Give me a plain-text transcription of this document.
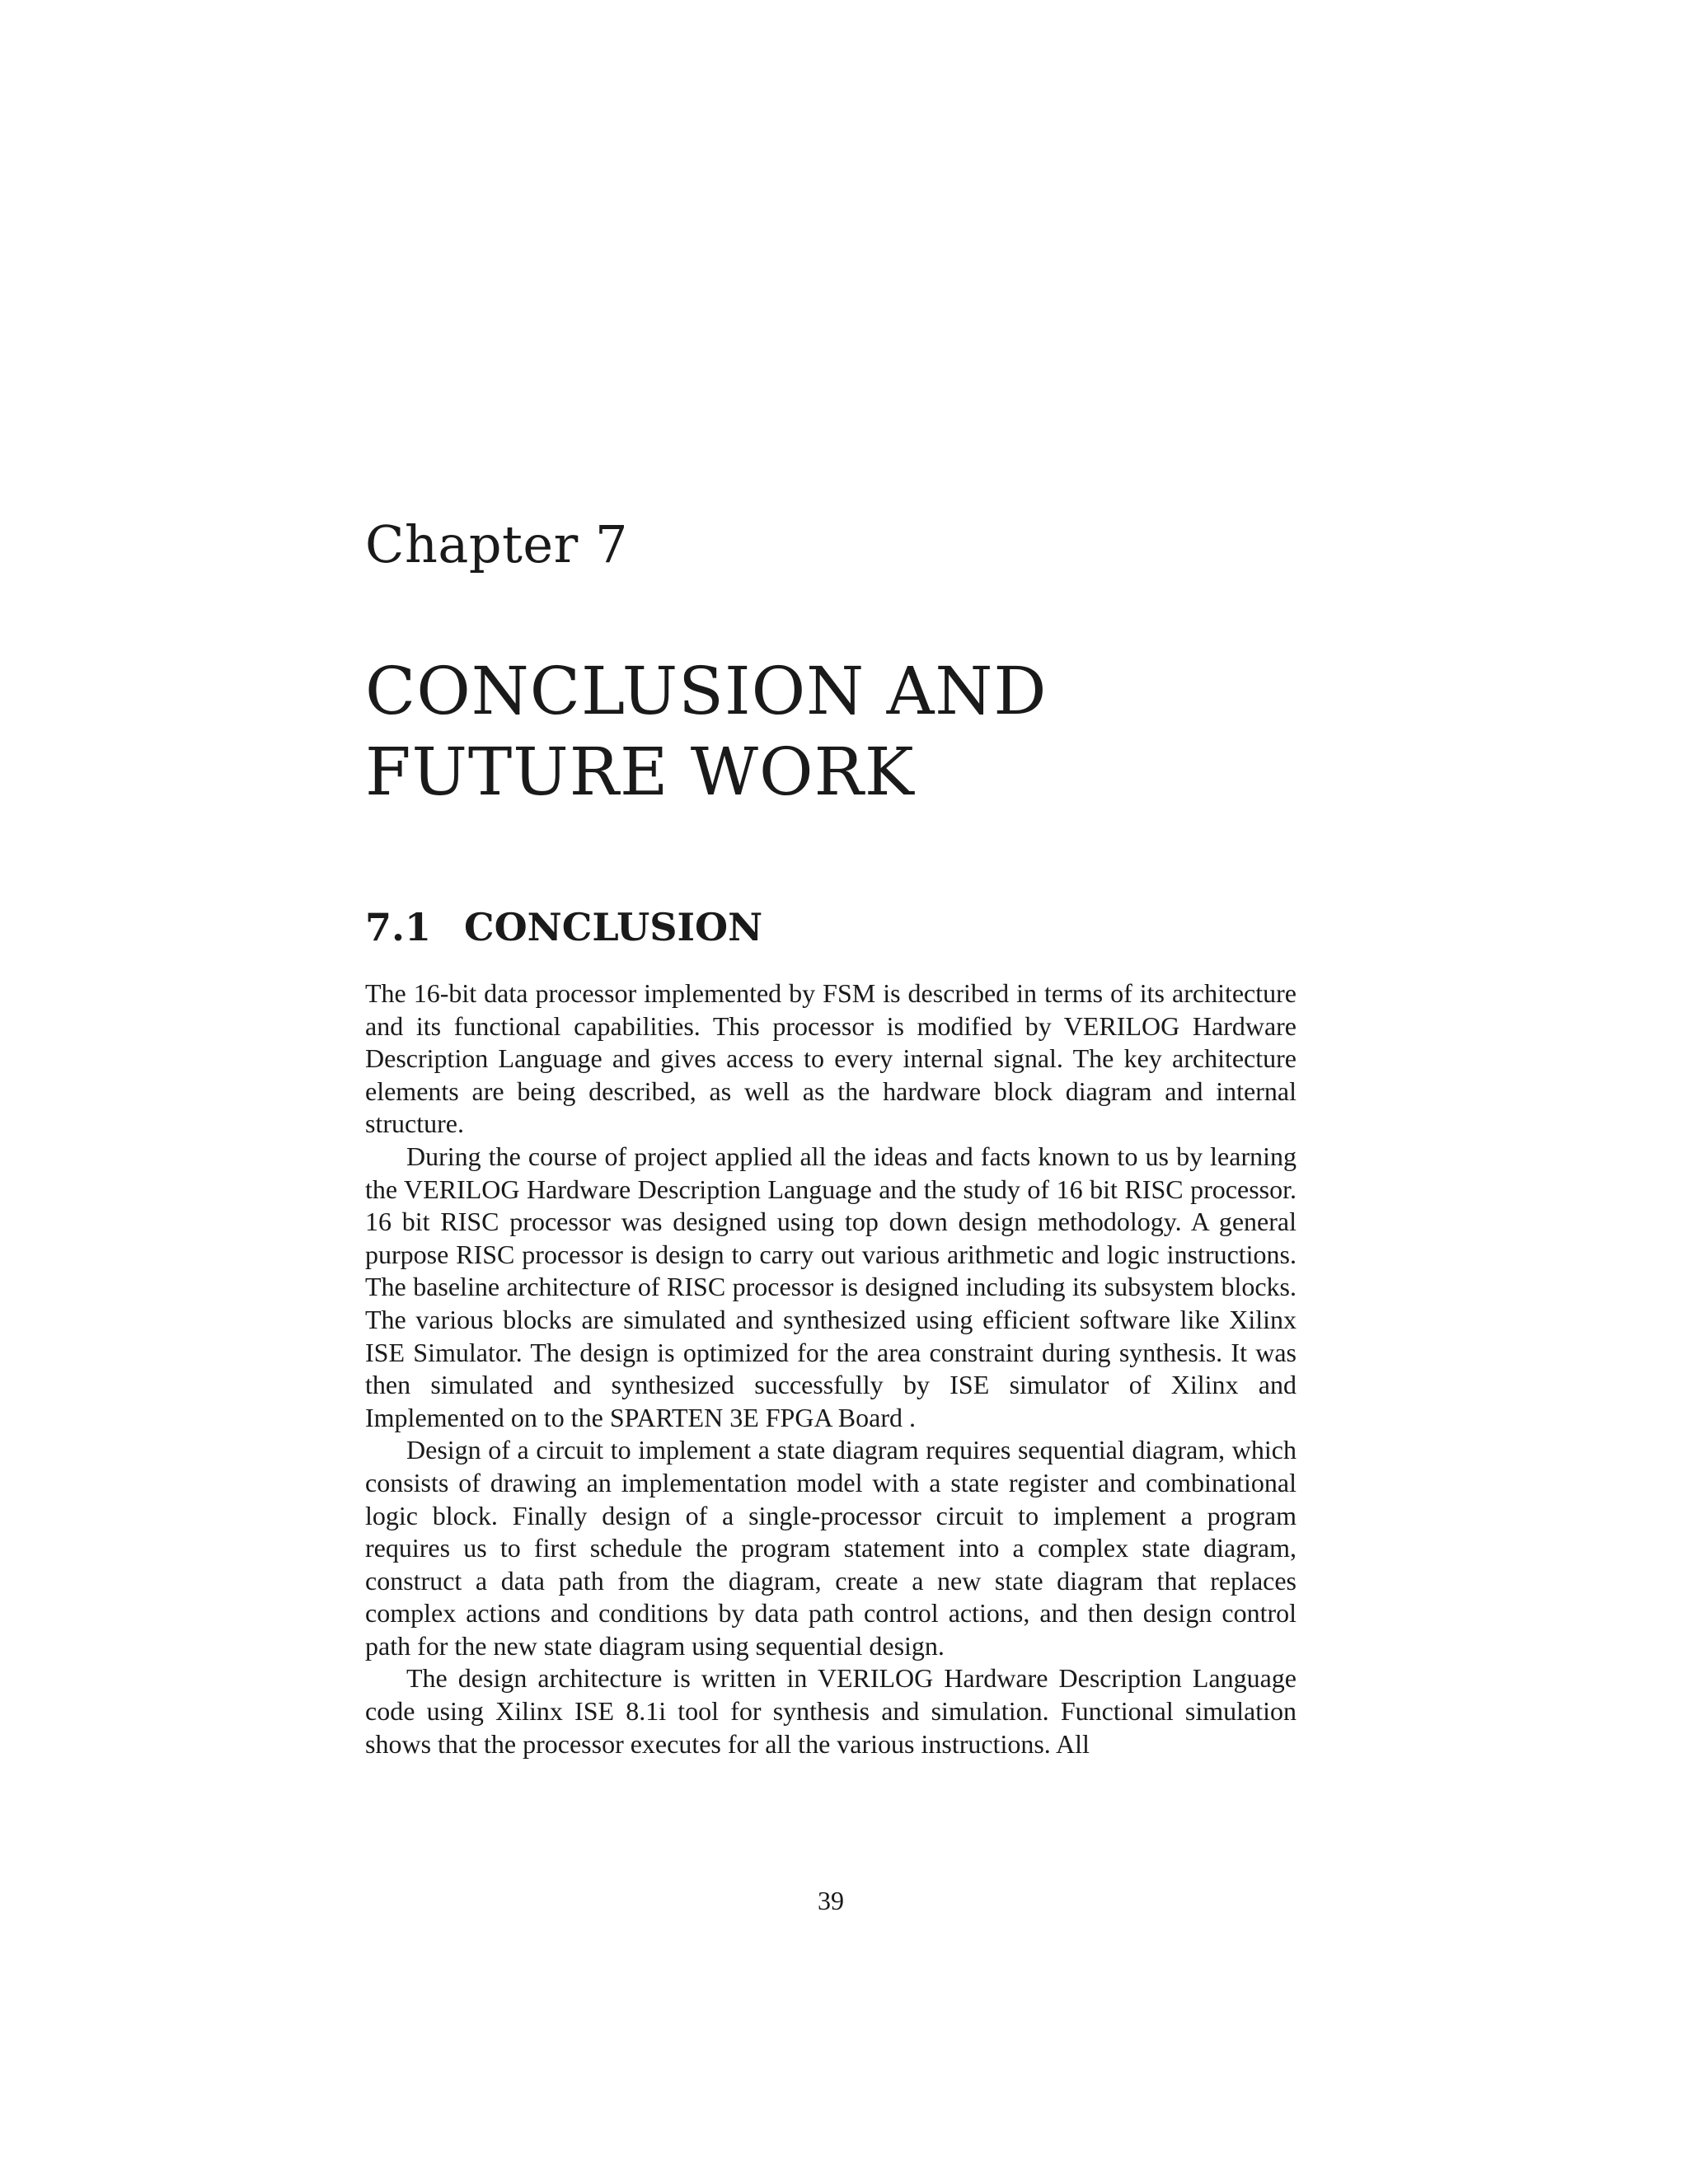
Chapter 7
CONCLUSION AND
FUTURE WORK
7.1 CONCLUSION

The 16-bit data processor implemented by FSM is described in terms of its architecture and its functional capabilities. This processor is modified by VERILOG Hardware Description Language and gives access to every internal signal. The key architecture elements are being described, as well as the hardware block diagram and internal structure.

During the course of project applied all the ideas and facts known to us by learning the VERILOG Hardware Description Language and the study of 16 bit RISC processor. 16 bit RISC processor was designed using top down design methodology. A general purpose RISC processor is design to carry out various arithmetic and logic instructions. The baseline architecture of RISC processor is designed including its subsystem blocks. The various blocks are simulated and synthesized using efficient software like Xilinx ISE Simulator. The design is optimized for the area constraint during synthesis. It was then simulated and synthesized successfully by ISE simulator of Xilinx and Implemented on to the SPARTEN 3E FPGA Board .

Design of a circuit to implement a state diagram requires sequential diagram, which consists of drawing an implementation model with a state register and combinational logic block. Finally design of a single-processor circuit to implement a program requires us to first schedule the program statement into a complex state diagram, construct a data path from the diagram, create a new state diagram that replaces complex actions and conditions by data path control actions, and then design control path for the new state diagram using sequential design.

The design architecture is written in VERILOG Hardware Description Language code using Xilinx ISE 8.1i tool for synthesis and simulation. Functional simulation shows that the processor executes for all the various instructions. All

39
